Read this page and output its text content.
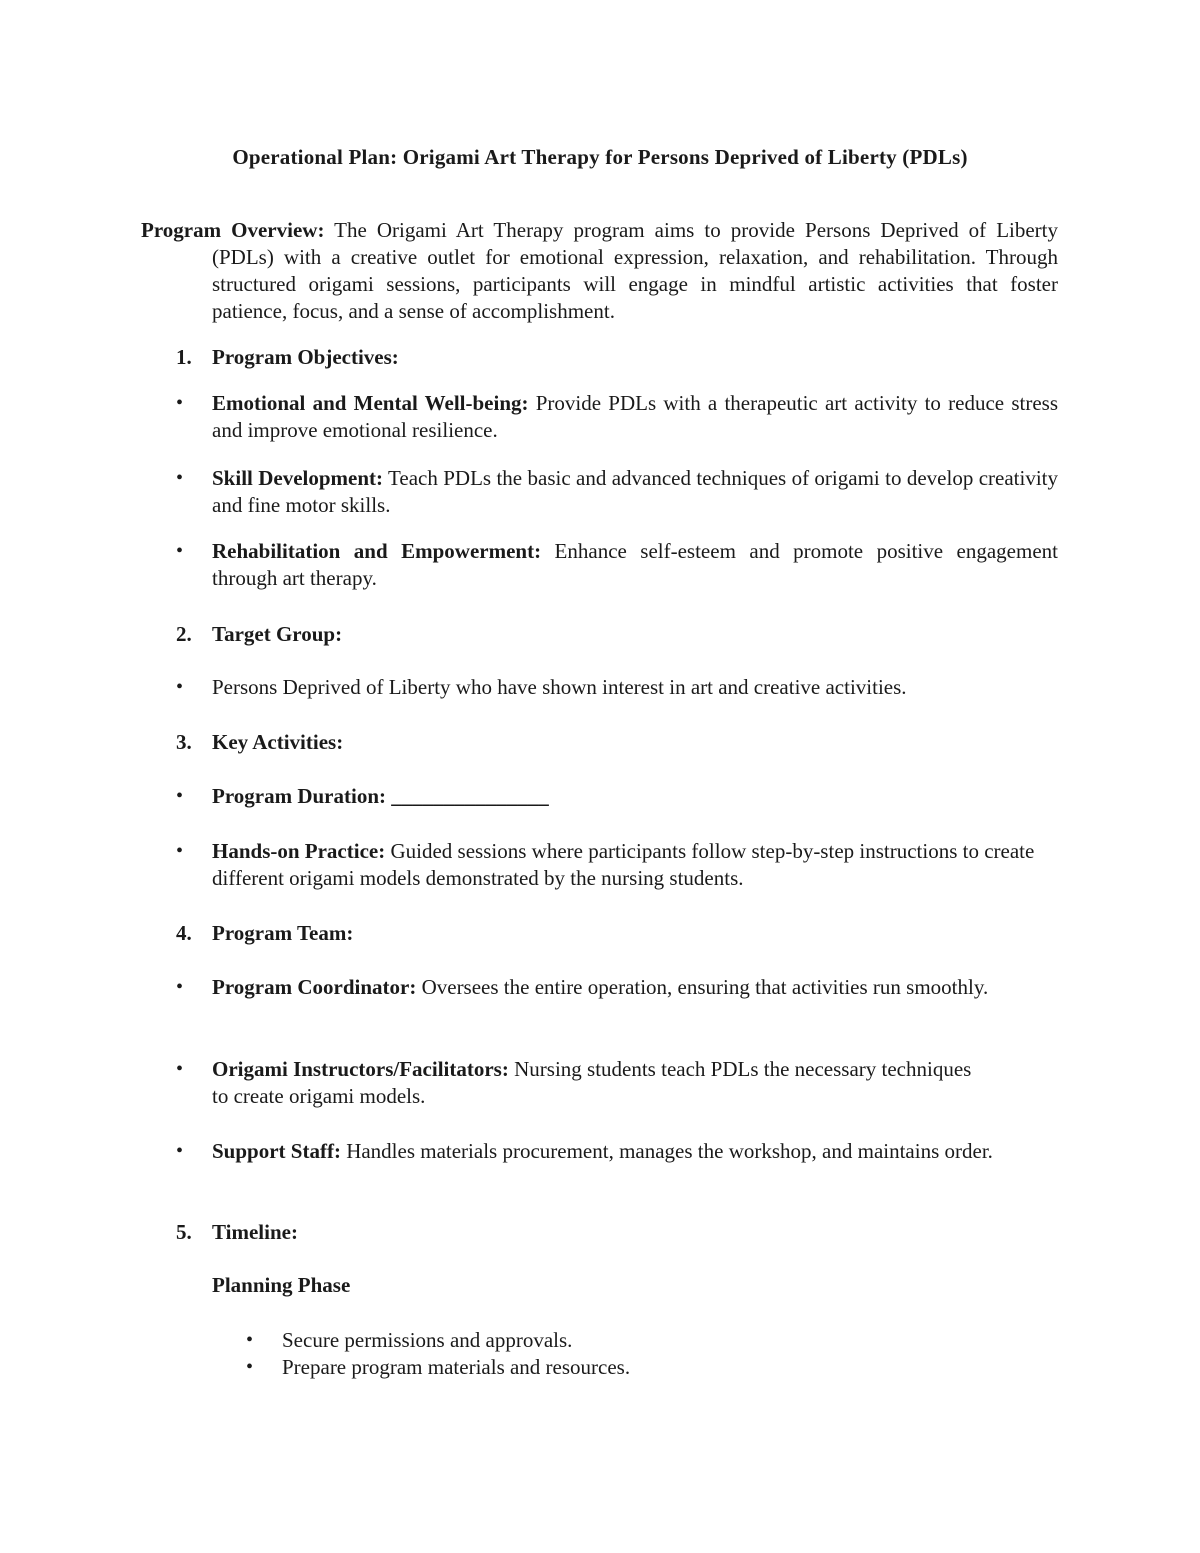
Operational Plan: Origami Art Therapy for Persons Deprived of Liberty (PDLs)
Program Overview: The Origami Art Therapy program aims to provide Persons Deprived of Liberty (PDLs) with a creative outlet for emotional expression, relaxation, and rehabilitation. Through structured origami sessions, participants will engage in mindful artistic activities that foster patience, focus, and a sense of accomplishment.
1. Program Objectives:
•	Emotional and Mental Well-being: Provide PDLs with a therapeutic art activity to reduce stress and improve emotional resilience.
•	Skill Development: Teach PDLs the basic and advanced techniques of origami to develop creativity and fine motor skills.
•	Rehabilitation and Empowerment: Enhance self-esteem and promote positive engagement through art therapy.
2. Target Group:
•	Persons Deprived of Liberty who have shown interest in art and creative activities.
3. Key Activities:
•	Program Duration: _______________
•	Hands-on Practice: Guided sessions where participants follow step-by-step instructions to create different origami models demonstrated by the nursing students.
4. Program Team:
•	Program Coordinator: Oversees the entire operation, ensuring that activities run smoothly.
•	Origami Instructors/Facilitators: Nursing students teach PDLs the necessary techniques to create origami models.
•	Support Staff: Handles materials procurement, manages the workshop, and maintains order.
5. Timeline:
Planning Phase
• Secure permissions and approvals.
• Prepare program materials and resources.
